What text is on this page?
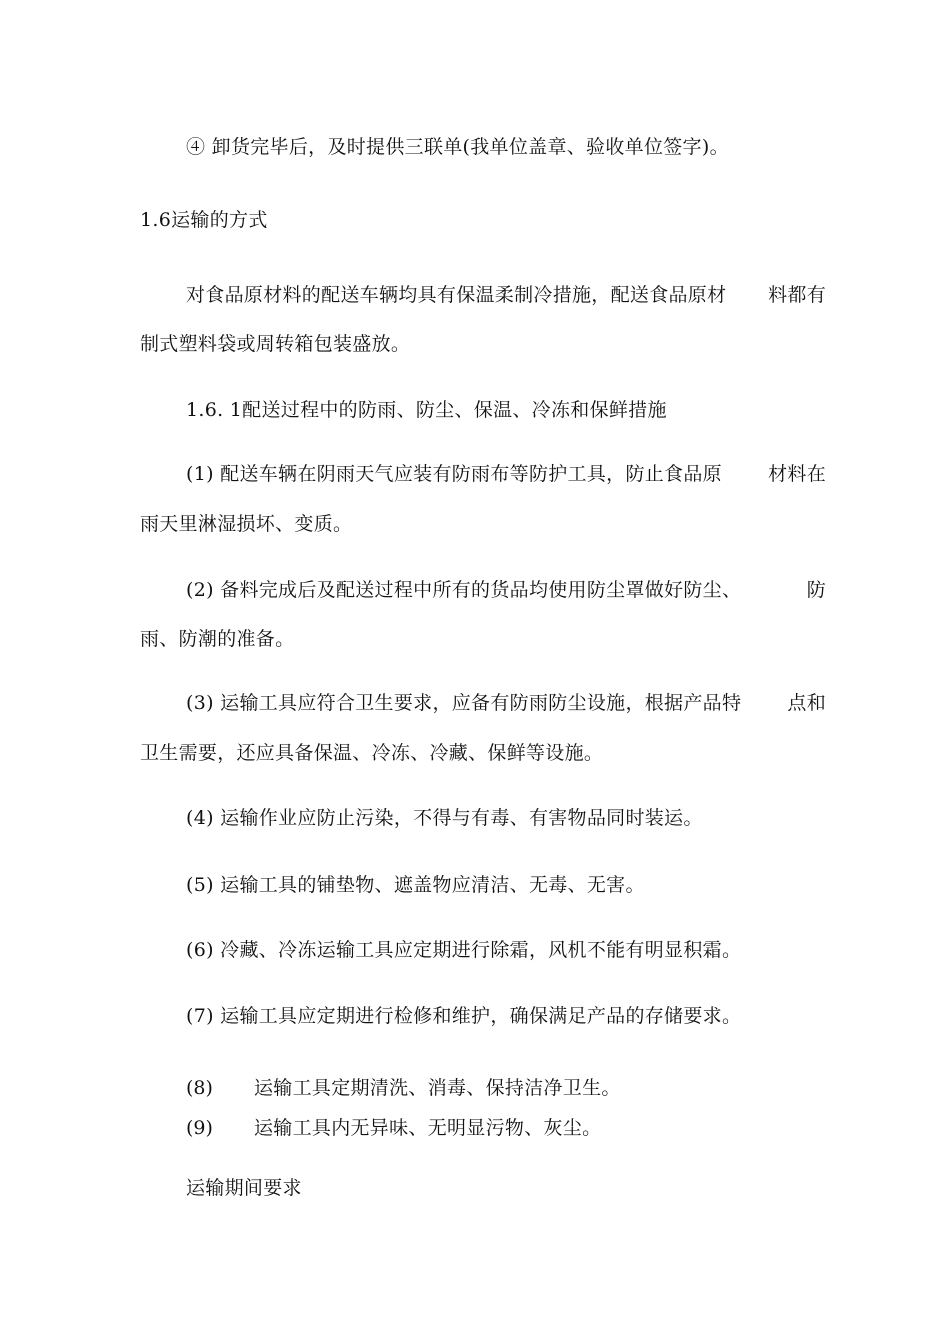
④ 卸货完毕后，及时提供三联单(我单位盖章、验收单位签字)。
1.6运输的方式
对食品原材料的配送车辆均具有保温柔制冷措施，配送食品原材 料都有
制式塑料袋或周转箱包装盛放。
1.6. 1配送过程中的防雨、防尘、保温、冷冻和保鲜措施
(1) 配送车辆在阴雨天气应装有防雨布等防护工具，防止食品原 材料在
雨天里淋湿损坏、变质。
(2) 备料完成后及配送过程中所有的货品均使用防尘罩做好防尘、	防
雨、防潮的准备。
(3) 运输工具应符合卫生要求，应备有防雨防尘设施，根据产品特 点和
卫生需要，还应具备保温、冷冻、冷藏、保鲜等设施。
(4) 运输作业应防止污染，不得与有毒、有害物品同时装运。
(5) 运输工具的铺垫物、遮盖物应清洁、无毒、无害。
(6) 冷藏、冷冻运输工具应定期进行除霜，风机不能有明显积霜。
(7) 运输工具应定期进行检修和维护，确保满足产品的存储要求。
(8) 运输工具定期清洗、消毒、保持洁净卫生。
(9) 运输工具内无异味、无明显污物、灰尘。
运输期间要求
